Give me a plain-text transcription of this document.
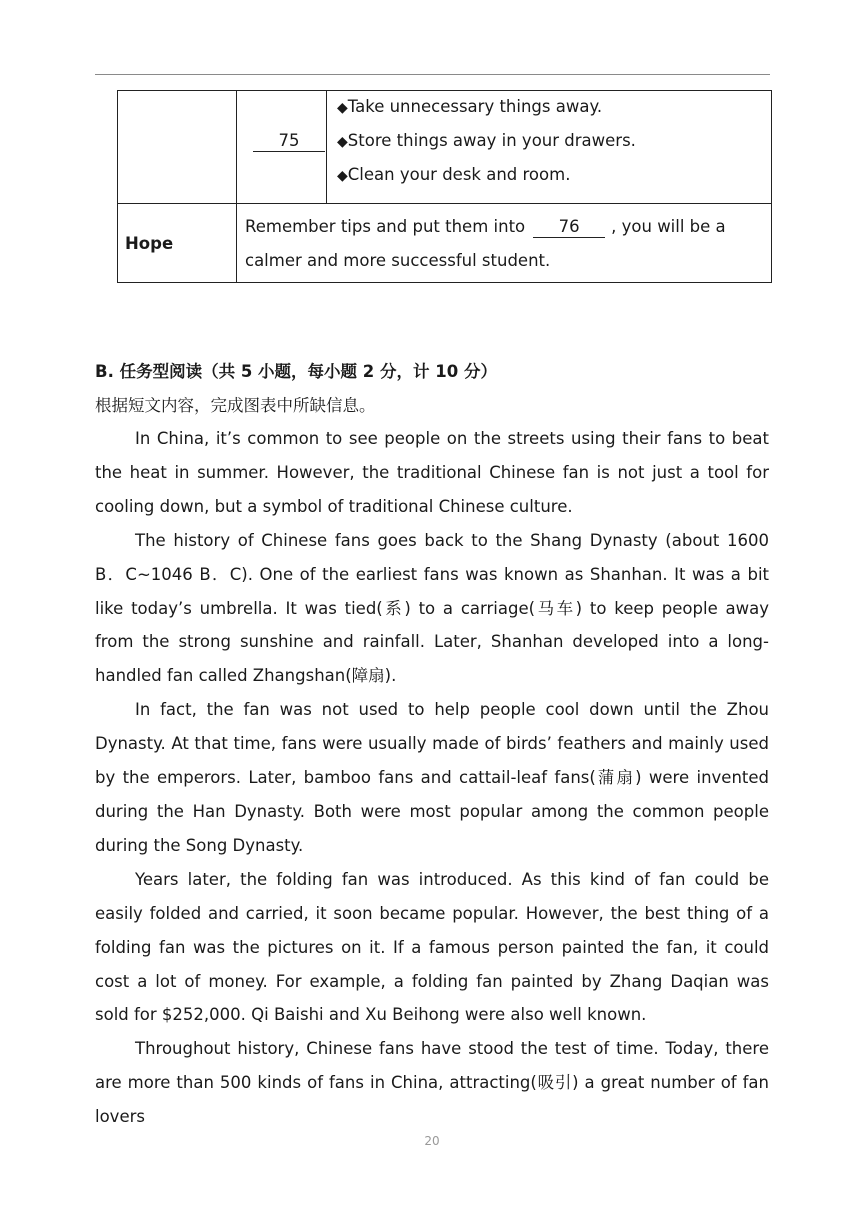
	75	◆Take unnecessary things away.
◆Store things away in your drawers.
◆Clean your desk and room.

Hope	Remember tips and put them into 76 , you will be a calmer and more successful student.	
B. 任务型阅读（共 5 小题，每小题 2 分，计 10 分）
根据短文内容，完成图表中所缺信息。

In China, it’s common to see people on the streets using their fans to beat the heat in summer. However, the traditional Chinese fan is not just a tool for cooling down, but a symbol of traditional Chinese culture.

The history of Chinese fans goes back to the Shang Dynasty (about 1600 B．C~1046 B．C). One of the earliest fans was known as Shanhan. It was a bit like today’s umbrella. It was tied(系) to a carriage(马车) to keep people away from the strong sunshine and rainfall. Later, Shanhan developed into a long-handled fan called Zhangshan(障扇).

In fact, the fan was not used to help people cool down until the Zhou Dynasty. At that time, fans were usually made of birds’ feathers and mainly used by the emperors. Later, bamboo fans and cattail-leaf fans(蒲扇) were invented during the Han Dynasty. Both were most popular among the common people during the Song Dynasty.

Years later, the folding fan was introduced. As this kind of fan could be easily folded and carried, it soon became popular. However, the best thing of a folding fan was the pictures on it. If a famous person painted the fan, it could cost a lot of money. For example, a folding fan painted by Zhang Daqian was sold for $252,000. Qi Baishi and Xu Beihong were also well known.

Throughout history, Chinese fans have stood the test of time. Today, there are more than 500 kinds of fans in China, attracting(吸引) a great number of fan lovers

20
